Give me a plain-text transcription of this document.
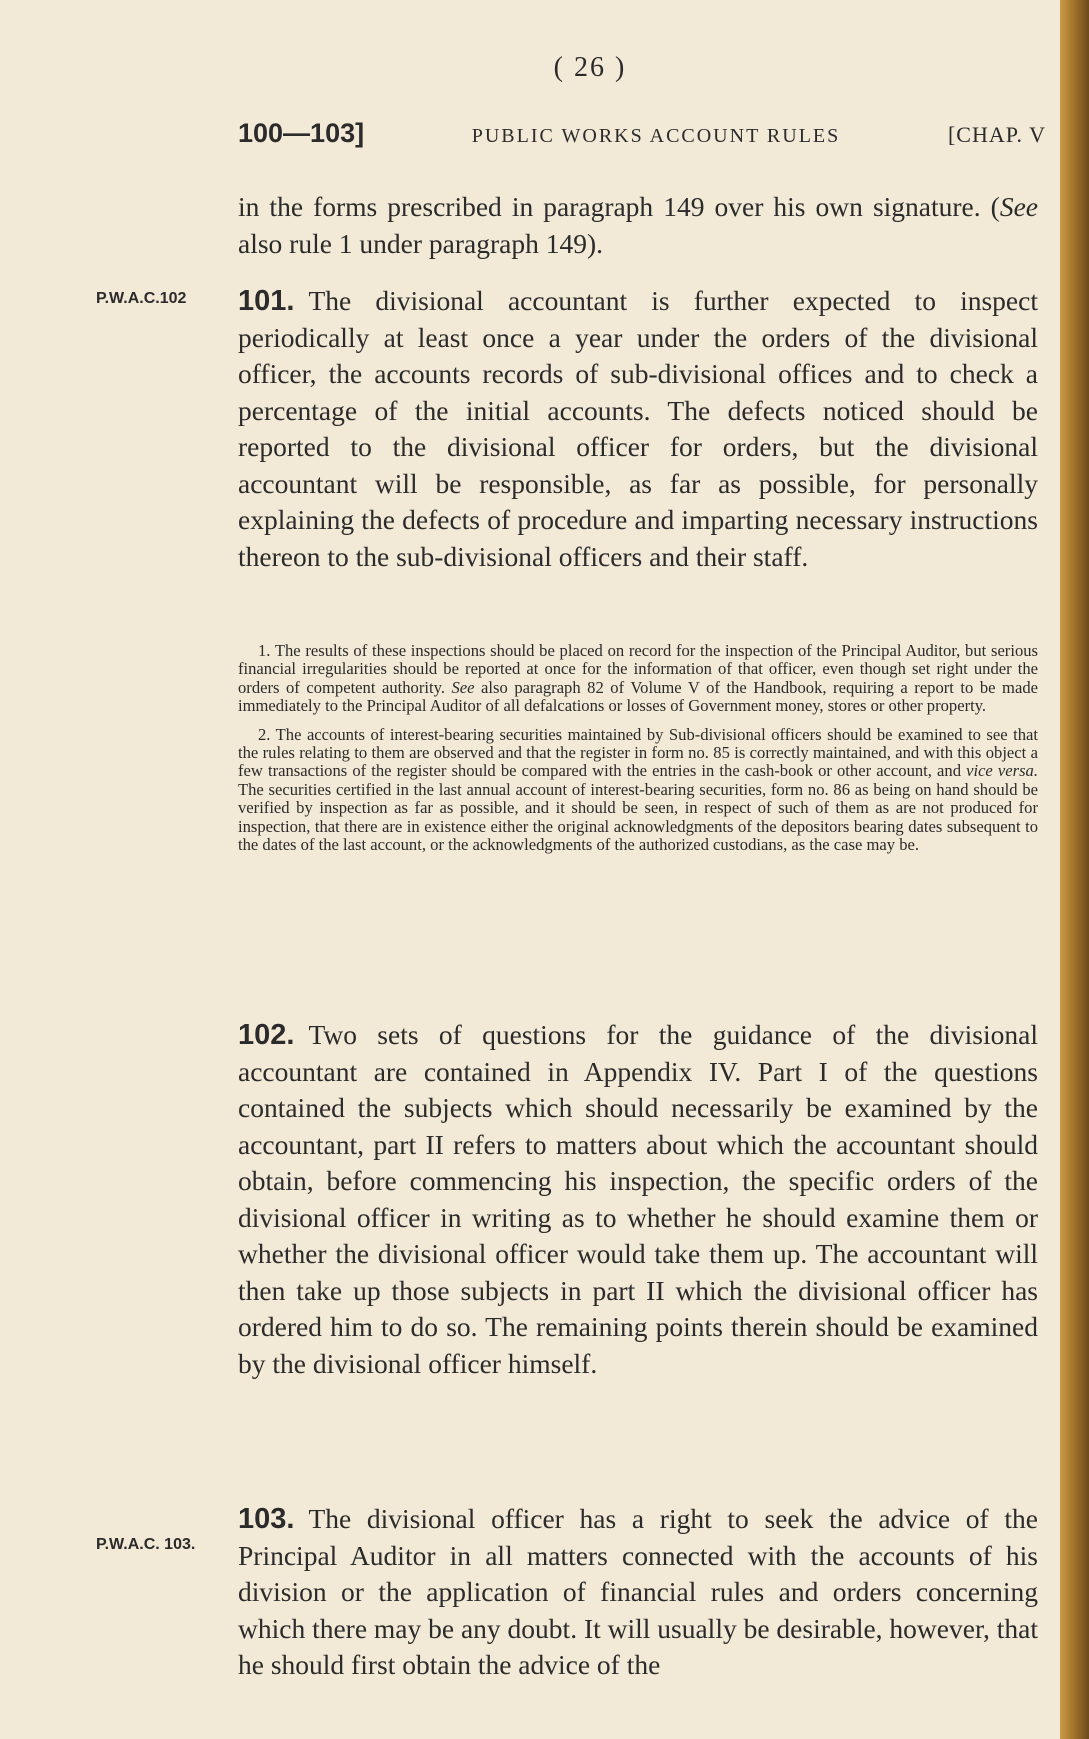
( 26 )
100—103]	PUBLIC WORKS ACCOUNT RULES	[CHAP. V

in the forms prescribed in paragraph 149 over his own signature. (See also rule 1 under paragraph 149).

P.W.A.C.102 101. The divisional accountant is further expected to inspect periodically at least once a year under the orders of the divisional officer, the accounts records of sub-divisional offices and to check a percentage of the initial accounts. The defects noticed should be reported to the divisional officer for orders, but the divisional accountant will be responsible, as far as possible, for personally explaining the defects of procedure and imparting necessary instructions thereon to the sub-divisional officers and their staff.

1. The results of these inspections should be placed on record for the inspection of the Principal Auditor, but serious financial irregularities should be reported at once for the information of that officer, even though set right under the orders of competent authority. See also paragraph 82 of Volume V of the Handbook, requiring a report to be made immediately to the Principal Auditor of all defalcations or losses of Government money, stores or other property.

2. The accounts of interest-bearing securities maintained by Sub-divisional officers should be examined to see that the rules relating to them are observed and that the register in form no. 85 is correctly maintained, and with this object a few transactions of the register should be compared with the entries in the cash-book or other account, and vice versa. The securities certified in the last annual account of interest-bearing securities, form no. 86 as being on hand should be verified by inspection as far as possible, and it should be seen, in respect of such of them as are not produced for inspection, that there are in existence either the original acknowledgments of the depositors bearing dates subsequent to the dates of the last account, or the acknowledgments of the authorized custodians, as the case may be.

102. Two sets of questions for the guidance of the divisional accountant are contained in Appendix IV. Part I of the questions contained the subjects which should necessarily be examined by the accountant, part II refers to matters about which the accountant should obtain, before commencing his inspection, the specific orders of the divisional officer in writing as to whether he should examine them or whether the divisional officer would take them up. The accountant will then take up those subjects in part II which the divisional officer has ordered him to do so. The remaining points therein should be examined by the divisional officer himself.

P.W.A.C. 103.

103. The divisional officer has a right to seek the advice of the Principal Auditor in all matters connected with the accounts of his division or the application of financial rules and orders concerning which there may be any doubt. It will usually be desirable, however, that he should first obtain the advice of the
